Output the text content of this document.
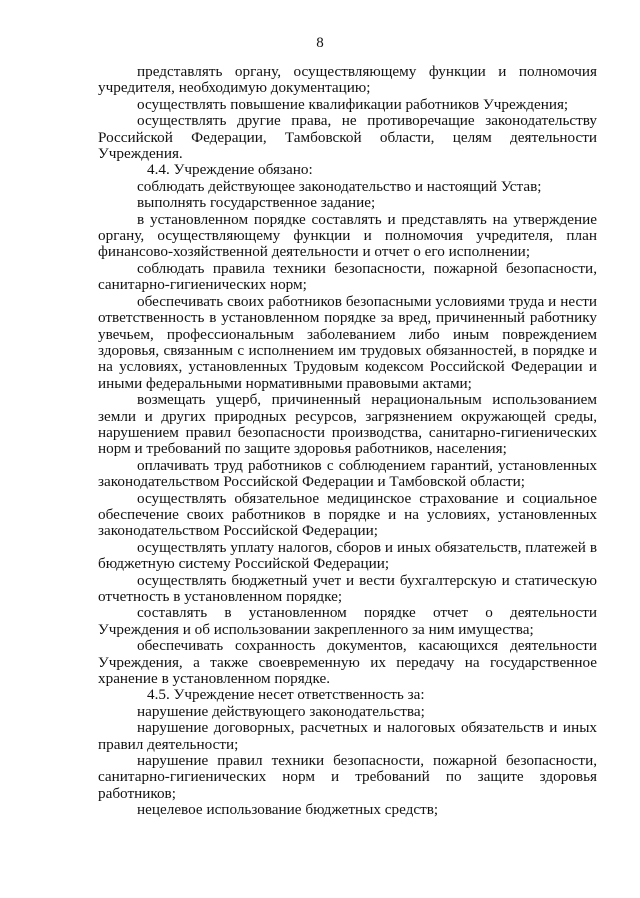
8

представлять органу, осуществляющему функции и полномочия учредителя, необходимую документацию;

осуществлять повышение квалификации работников Учреждения;

осуществлять другие права, не противоречащие законодательству Российской Федерации, Тамбовской области, целям деятельности Учреждения.

4.4. Учреждение обязано:

соблюдать действующее законодательство и настоящий Устав;

выполнять государственное задание;

в установленном порядке составлять и представлять на утверждение органу, осуществляющему функции и полномочия учредителя, план финансово-хозяйственной деятельности и отчет о его исполнении;

соблюдать правила техники безопасности, пожарной безопасности, санитарно-гигиенических норм;

обеспечивать своих работников безопасными условиями труда и нести ответственность в установленном порядке за вред, причиненный работнику увечьем, профессиональным заболеванием либо иным повреждением здоровья, связанным с исполнением им трудовых обязанностей, в порядке и на условиях, установленных Трудовым кодексом Российской Федерации и иными федеральными нормативными правовыми актами;

возмещать ущерб, причиненный нерациональным использованием земли и других природных ресурсов, загрязнением окружающей среды, нарушением правил безопасности производства, санитарно-гигиенических норм и требований по защите здоровья работников, населения;

оплачивать труд работников с соблюдением гарантий, установленных законодательством Российской Федерации и Тамбовской области;

осуществлять обязательное медицинское страхование и социальное обеспечение своих работников в порядке и на условиях, установленных законодательством Российской Федерации;

осуществлять уплату налогов, сборов и иных обязательств, платежей в бюджетную систему Российской Федерации;

осуществлять бюджетный учет и вести бухгалтерскую и статическую отчетность в установленном порядке;

составлять в установленном порядке отчет о деятельности Учреждения и об использовании закрепленного за ним имущества;

обеспечивать сохранность документов, касающихся деятельности Учреждения, а также своевременную их передачу на государственное хранение в установленном порядке.

4.5. Учреждение несет ответственность за:

нарушение действующего законодательства;

нарушение договорных, расчетных и налоговых обязательств и иных правил деятельности;

нарушение правил техники безопасности, пожарной безопасности, санитарно-гигиенических норм и требований по защите здоровья работников;

нецелевое использование бюджетных средств;
